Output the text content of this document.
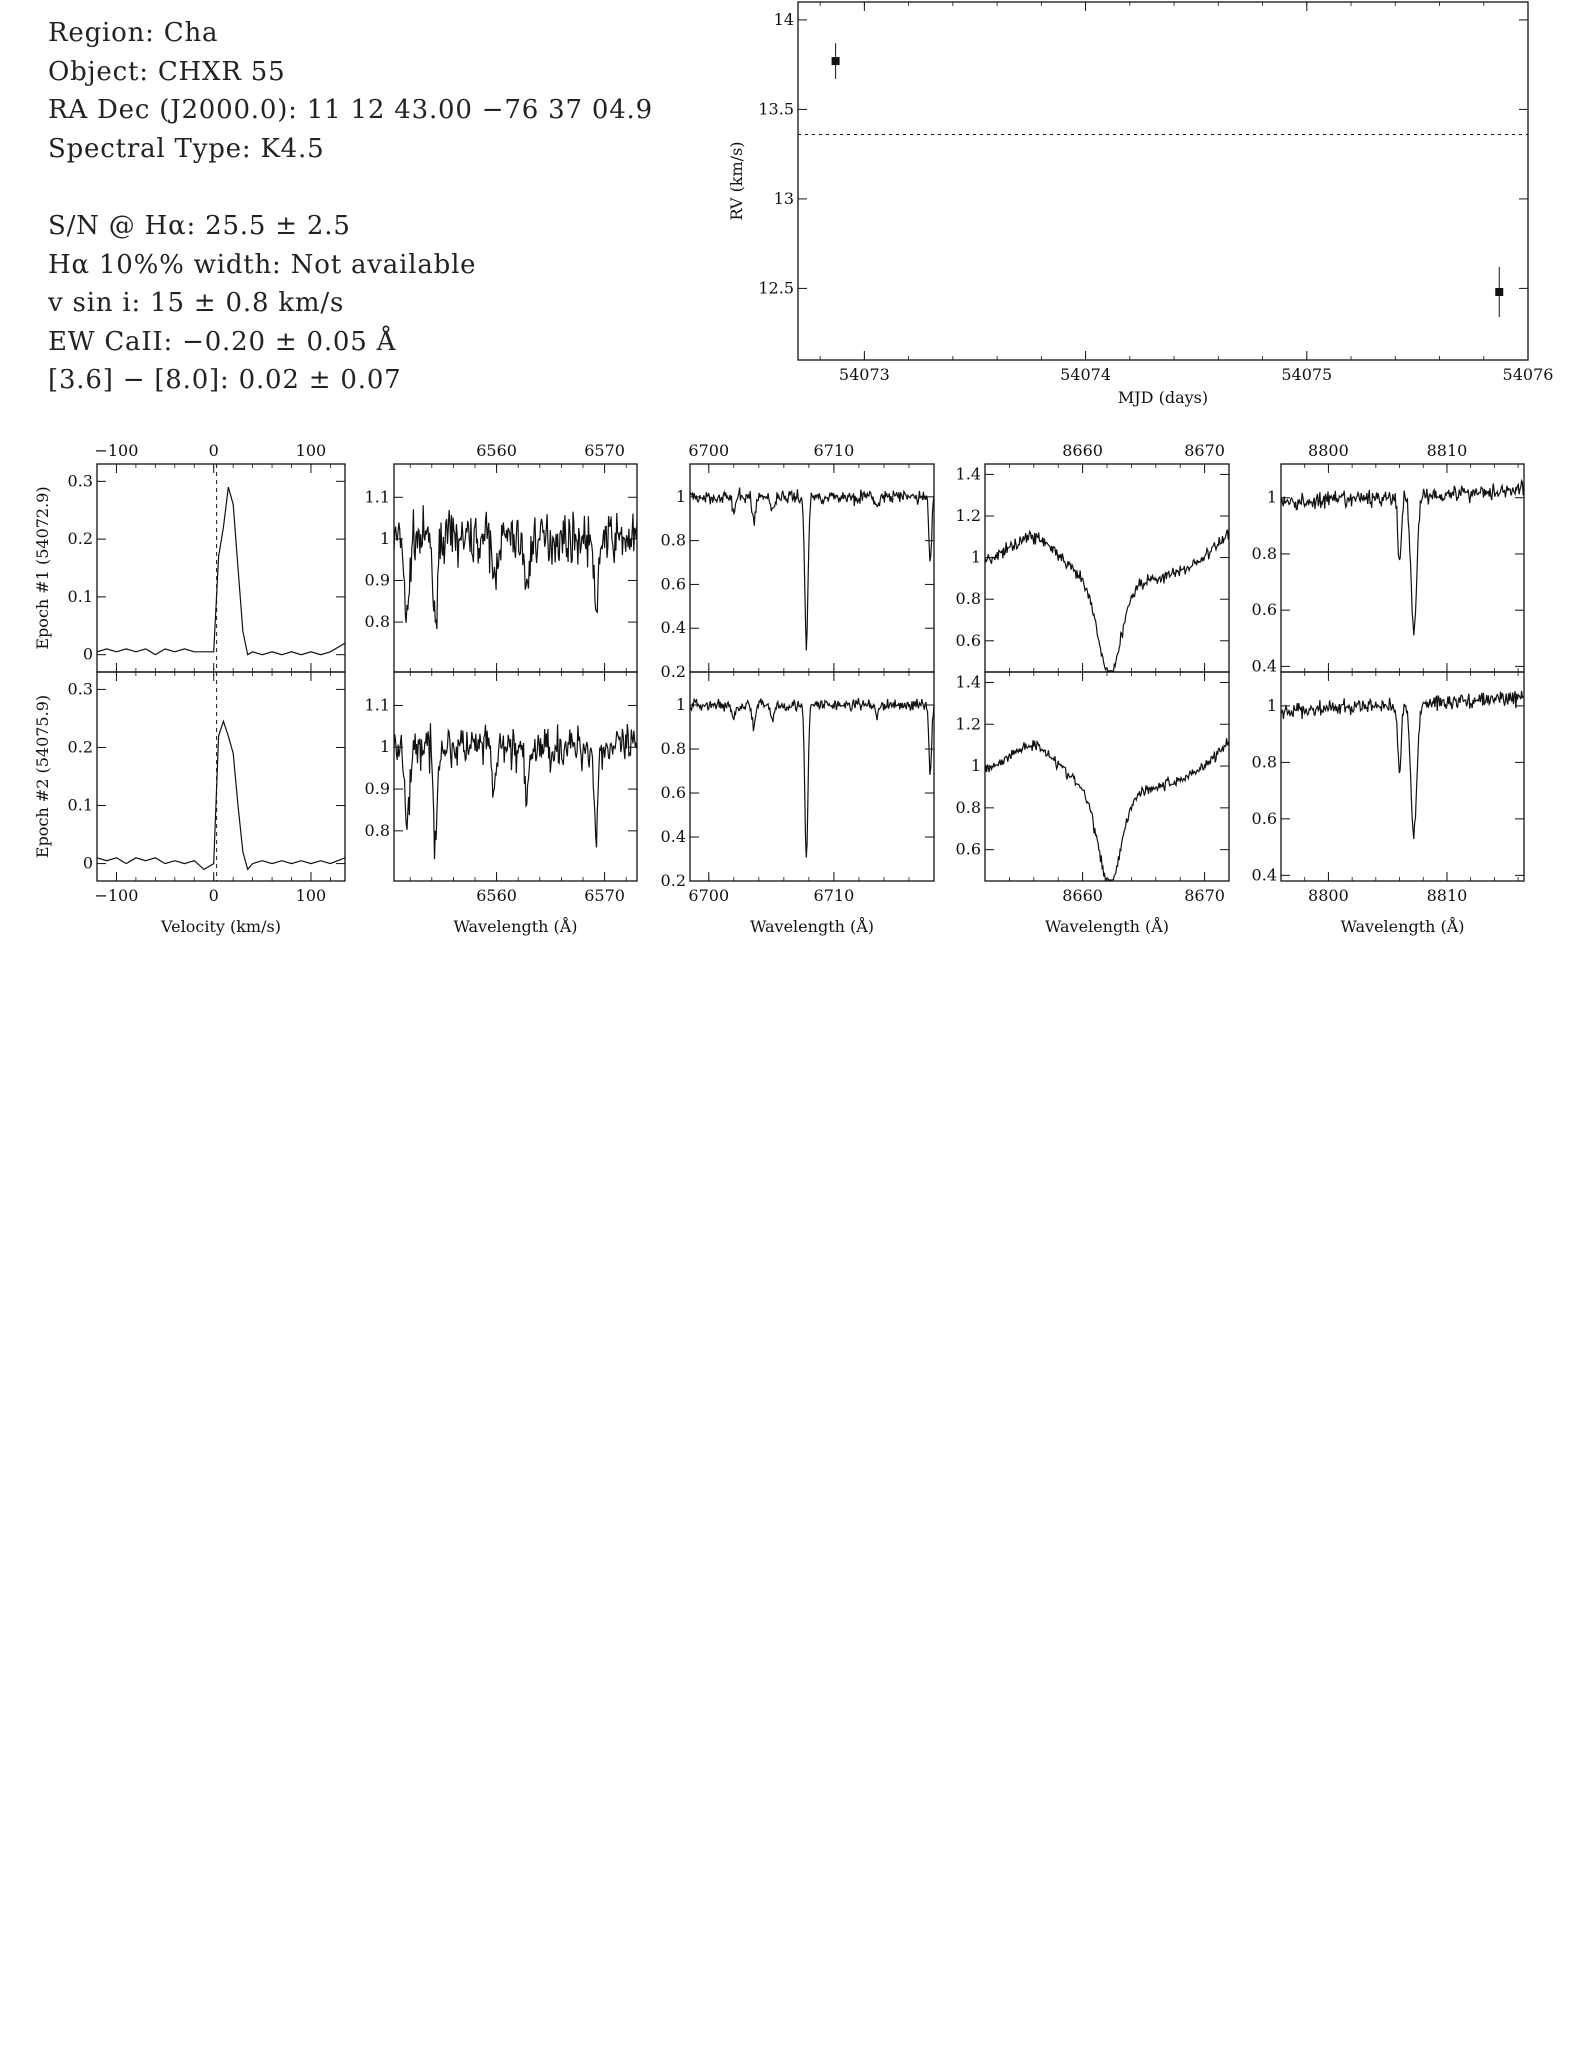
Region: Cha
Object: CHXR 55
RA Dec (J2000.0): 11 12 43.00 −76 37 04.9
Spectral Type: K4.5
S/N @ Hα: 25.5 ± 2.5
Hα 10%% width: Not available
v sin i: 15 ± 0.8 km/s
EW CaII: −0.20 ± 0.05 Å
[3.6] − [8.0]: 0.02 ± 0.07	54073	54074	54075	54076
12.5
13
13.5
14
MJD (days)
RV (km/s)
−100	0	100
0
0.1
0.2
0.3
Epoch #1 (54072.9)
−100	0	100
0
0.1
0.2
0.3
Epoch #2 (54075.9)
Velocity (km/s)
6560	6570
0.8
0.9
1
1.1
6560	6570
0.8
0.9
1
1.1
Wavelength (Å)
6700	6710
0.2
0.4
0.6
0.8
1
6700	6710
0.2
0.4
0.6
0.8
1
Wavelength (Å)
8660	8670
0.6
0.8
1
1.2
1.4
8660	8670
0.6
0.8
1
1.2
1.4
Wavelength (Å)
8800	8810
0.4
0.6
0.8
1
8800	8810
0.4
0.6
0.8
1
Wavelength (Å)
